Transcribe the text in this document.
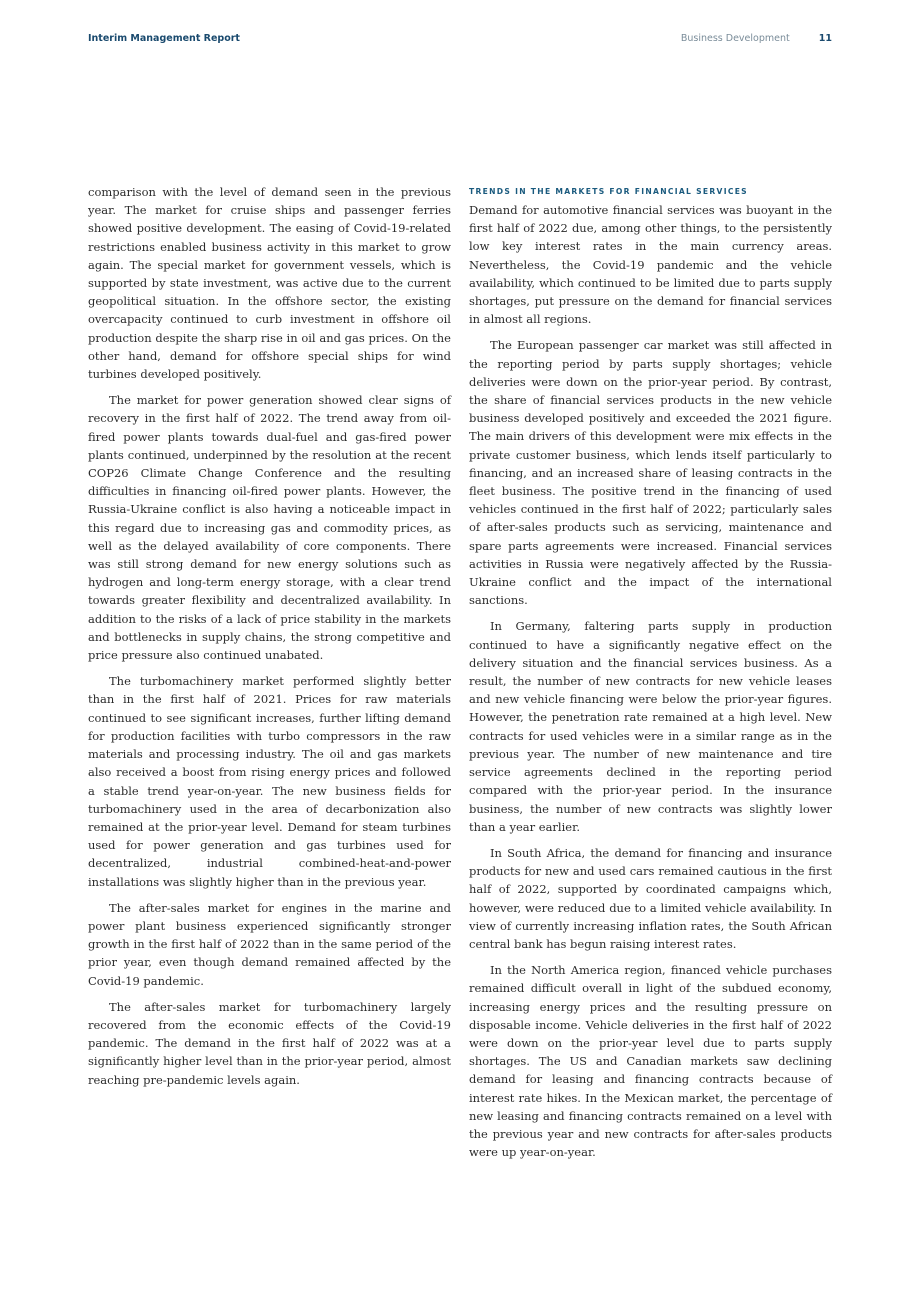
Interim Management Report	Business Development	11

comparison with the level of demand seen in the previous year. The market for cruise ships and passenger ferries showed positive development. The easing of Covid-19-related restrictions enabled business activity in this market to grow again. The special market for government vessels, which is supported by state investment, was active due to the current geopolitical situation. In the offshore sector, the existing overcapacity continued to curb investment in offshore oil production despite the sharp rise in oil and gas prices. On the other hand, demand for offshore special ships for wind turbines developed positively.

The market for power generation showed clear signs of recovery in the first half of 2022. The trend away from oil-fired power plants towards dual-fuel and gas-fired power plants continued, underpinned by the resolution at the recent COP26 Climate Change Conference and the resulting difficulties in financing oil-fired power plants. However, the Russia-Ukraine conflict is also having a noticeable impact in this regard due to increasing gas and commodity prices, as well as the delayed availability of core components. There was still strong demand for new energy solutions such as hydrogen and long-term energy storage, with a clear trend towards greater flexibility and decentralized availability. In addition to the risks of a lack of price stability in the markets and bottlenecks in supply chains, the strong competitive and price pressure also continued unabated.

The turbomachinery market performed slightly better than in the first half of 2021. Prices for raw materials continued to see significant increases, further lifting demand for production facilities with turbo compressors in the raw materials and processing industry. The oil and gas markets also received a boost from rising energy prices and followed a stable trend year-on-year. The new business fields for turbomachinery used in the area of decarbonization also remained at the prior-year level. Demand for steam turbines used for power generation and gas turbines used for decentralized, industrial combined-heat-and-power installations was slightly higher than in the previous year.

The after-sales market for engines in the marine and power plant business experienced significantly stronger growth in the first half of 2022 than in the same period of the prior year, even though demand remained affected by the Covid-19 pandemic.

The after-sales market for turbomachinery largely recovered from the economic effects of the Covid-19 pandemic. The demand in the first half of 2022 was at a significantly higher level than in the prior-year period, almost reaching pre-pandemic levels again.

TRENDS IN THE MARKETS FOR FINANCIAL SERVICES

Demand for automotive financial services was buoyant in the first half of 2022 due, among other things, to the persistently low key interest rates in the main currency areas. Nevertheless, the Covid-19 pandemic and the vehicle availability, which continued to be limited due to parts supply shortages, put pressure on the demand for financial services in almost all regions.

The European passenger car market was still affected in the reporting period by parts supply shortages; vehicle deliveries were down on the prior-year period. By contrast, the share of financial services products in the new vehicle business developed positively and exceeded the 2021 figure. The main drivers of this development were mix effects in the private customer business, which lends itself particularly to financing, and an increased share of leasing contracts in the fleet business. The positive trend in the financing of used vehicles continued in the first half of 2022; particularly sales of after-sales products such as servicing, maintenance and spare parts agreements were increased. Financial services activities in Russia were negatively affected by the Russia-Ukraine conflict and the impact of the international sanctions.

In Germany, faltering parts supply in production continued to have a significantly negative effect on the delivery situation and the financial services business. As a result, the number of new contracts for new vehicle leases and new vehicle financing were below the prior-year figures. However, the penetration rate remained at a high level. New contracts for used vehicles were in a similar range as in the previous year. The number of new maintenance and tire service agreements declined in the reporting period compared with the prior-year period. In the insurance business, the number of new contracts was slightly lower than a year earlier.

In South Africa, the demand for financing and insurance products for new and used cars remained cautious in the first half of 2022, supported by coordinated campaigns which, however, were reduced due to a limited vehicle availability. In view of currently increasing inflation rates, the South African central bank has begun raising interest rates.

In the North America region, financed vehicle purchases remained difficult overall in light of the subdued economy, increasing energy prices and the resulting pressure on disposable income. Vehicle deliveries in the first half of 2022 were down on the prior-year level due to parts supply shortages. The US and Canadian markets saw declining demand for leasing and financing contracts because of interest rate hikes. In the Mexican market, the percentage of new leasing and financing contracts remained on a level with the previous year and new contracts for after-sales products were up year-on-year.
